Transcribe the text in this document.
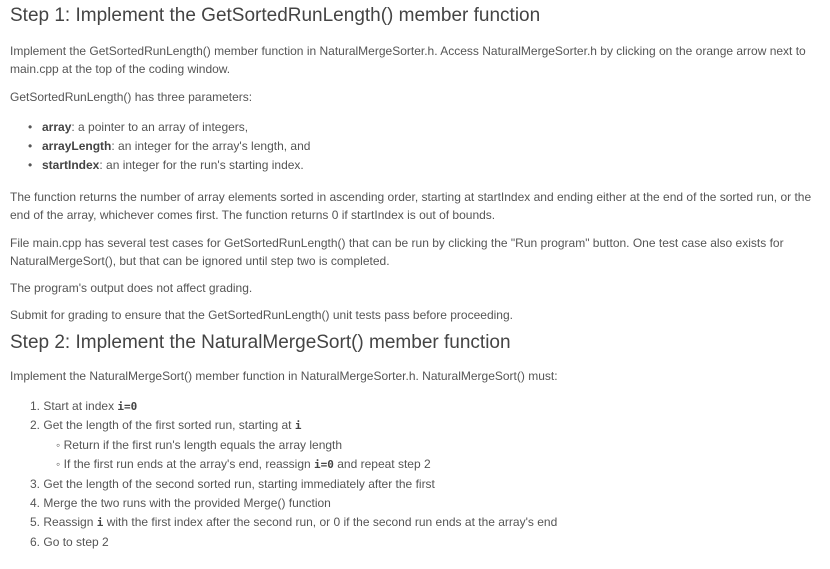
Step 1: Implement the GetSortedRunLength() member function

Implement the GetSortedRunLength() member function in NaturalMergeSorter.h. Access NaturalMergeSorter.h by clicking on the orange arrow next to main.cpp at the top of the coding window.

GetSortedRunLength() has three parameters:

• array: a pointer to an array of integers,
• arrayLength: an integer for the array's length, and
• startIndex: an integer for the run's starting index.

The function returns the number of array elements sorted in ascending order, starting at startIndex and ending either at the end of the sorted run, or the end of the array, whichever comes first. The function returns 0 if startIndex is out of bounds.

File main.cpp has several test cases for GetSortedRunLength() that can be run by clicking the "Run program" button. One test case also exists for NaturalMergeSort(), but that can be ignored until step two is completed.

The program's output does not affect grading.

Submit for grading to ensure that the GetSortedRunLength() unit tests pass before proceeding.

Step 2: Implement the NaturalMergeSort() member function

Implement the NaturalMergeSort() member function in NaturalMergeSorter.h. NaturalMergeSort() must:

1. Start at index i=0
2. Get the length of the first sorted run, starting at i
◦ Return if the first run's length equals the array length
◦ If the first run ends at the array's end, reassign i=0 and repeat step 2
3. Get the length of the second sorted run, starting immediately after the first
4. Merge the two runs with the provided Merge() function
5. Reassign i with the first index after the second run, or 0 if the second run ends at the array's end
6. Go to step 2
